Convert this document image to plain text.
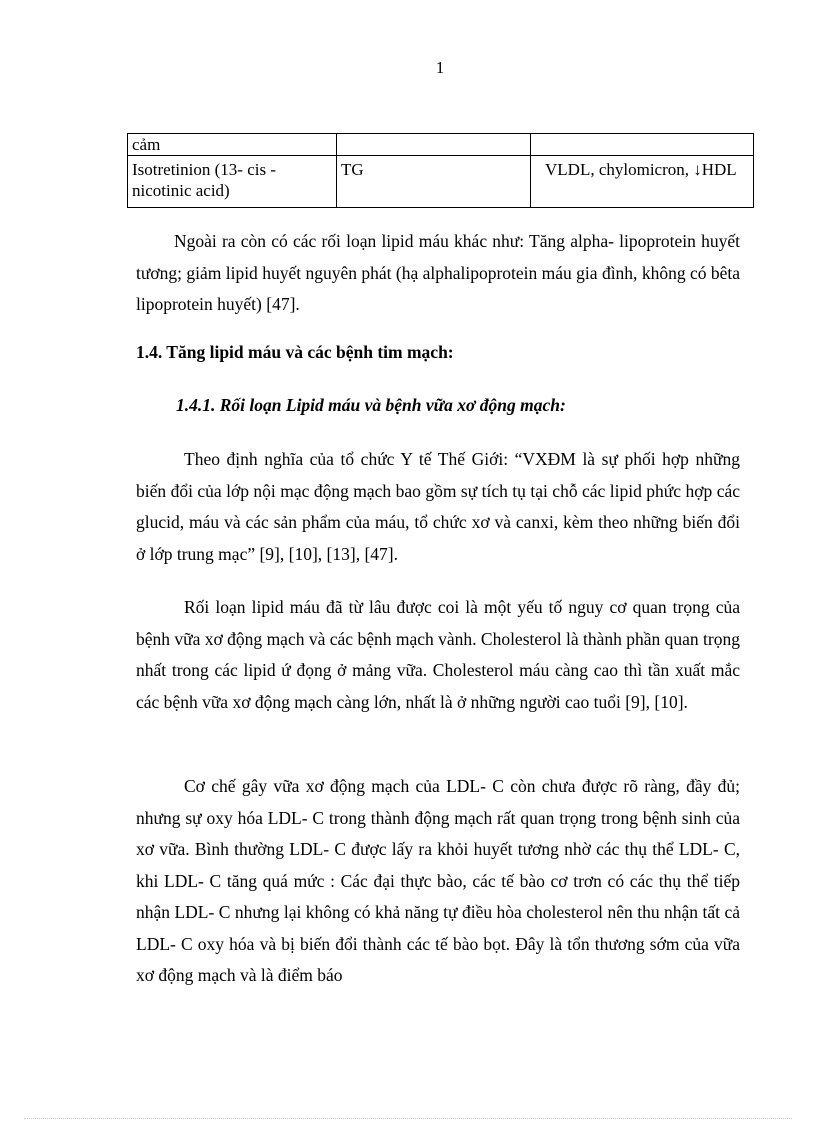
1
cảm		
Isotretinion (13- cis - nicotinic acid)	TG	VLDL, chylomicron, ↓HDL

Ngoài ra còn có các rối loạn lipid máu khác như: Tăng alpha- lipoprotein huyết tương; giảm lipid huyết nguyên phát (hạ alphalipoprotein máu gia đình, không có bêta lipoprotein huyết) [47].

1.4. Tăng lipid máu và các bệnh tim mạch:

1.4.1. Rối loạn Lipid máu và bệnh vữa xơ động mạch:

Theo định nghĩa của tổ chức Y tế Thế Giới: “VXĐM là sự phối hợp những biến đổi của lớp nội mạc động mạch bao gồm sự tích tụ tại chỗ các lipid phức hợp các glucid, máu và các sản phẩm của máu, tổ chức xơ và canxi, kèm theo những biến đổi ở lớp trung mạc” [9], [10], [13], [47].

Rối loạn lipid máu đã từ lâu được coi là một yếu tố nguy cơ quan trọng của bệnh vữa xơ động mạch và các bệnh mạch vành. Cholesterol là thành phần quan trọng nhất trong các lipid ứ đọng ở mảng vữa. Cholesterol máu càng cao thì tần xuất mắc các bệnh vữa xơ động mạch càng lớn, nhất là ở những người cao tuổi [9], [10].

Cơ chế gây vữa xơ động mạch của LDL- C còn chưa được rõ ràng, đầy đủ; nhưng sự oxy hóa LDL- C trong thành động mạch rất quan trọng trong bệnh sinh của xơ vữa. Bình thường LDL- C được lấy ra khỏi huyết tương nhờ các thụ thể LDL- C, khi LDL- C tăng quá mức : Các đại thực bào, các tế bào cơ trơn có các thụ thể tiếp nhận LDL- C nhưng lại không có khả năng tự điều hòa cholesterol nên thu nhận tất cả LDL- C oxy hóa và bị biến đổi thành các tế bào bọt. Đây là tổn thương sớm của vữa xơ động mạch và là điểm báo
